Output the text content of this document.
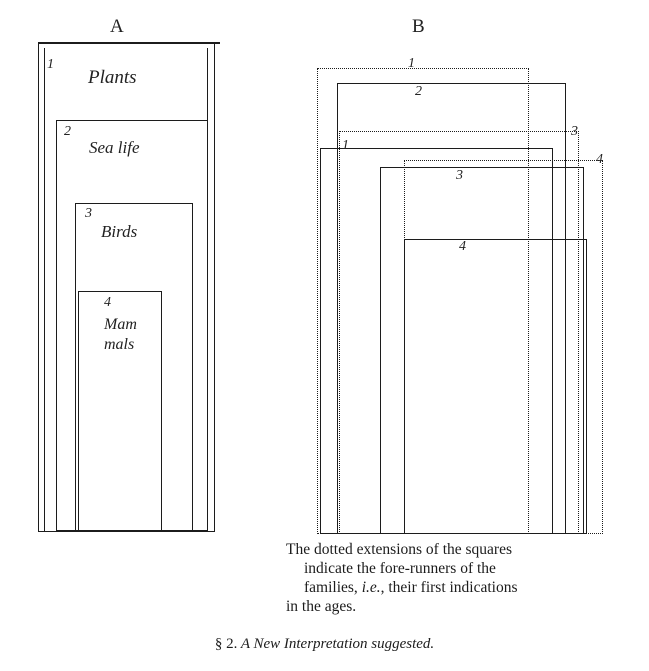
A
1
Plants
2
Sea life
3
Birds
4
Mam
mals
B
1
2
3
1
4
3
4
The dotted extensions of the squares
indicate the fore-runners of the
families, i.e., their first indications
in the ages.
§ 2. A New Interpretation suggested.
